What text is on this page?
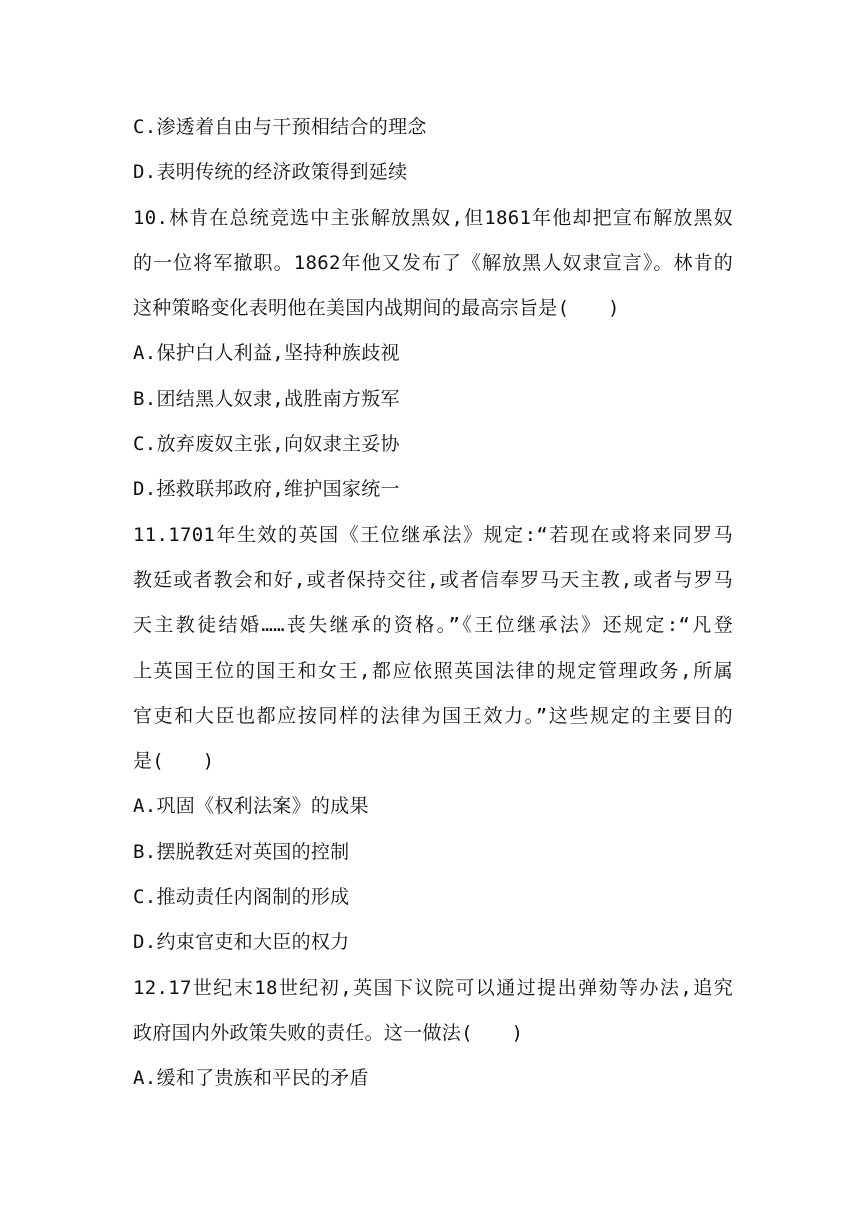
C.渗透着自由与干预相结合的理念
D.表明传统的经济政策得到延续
10.林肯在总统竞选中主张解放黑奴,但1861年他却把宣布解放黑奴
的一位将军撤职。1862年他又发布了《解放黑人奴隶宣言》。林肯的
这种策略变化表明他在美国内战期间的最高宗旨是(　　)
A.保护白人利益,坚持种族歧视
B.团结黑人奴隶,战胜南方叛军
C.放弃废奴主张,向奴隶主妥协
D.拯救联邦政府,维护国家统一
11.1701年生效的英国《王位继承法》规定:“若现在或将来同罗马
教廷或者教会和好,或者保持交往,或者信奉罗马天主教,或者与罗马
天主教徒结婚……丧失继承的资格。”《王位继承法》还规定:“凡登
上英国王位的国王和女王,都应依照英国法律的规定管理政务,所属
官吏和大臣也都应按同样的法律为国王效力。”这些规定的主要目的
是(　　)
A.巩固《权利法案》的成果
B.摆脱教廷对英国的控制
C.推动责任内阁制的形成
D.约束官吏和大臣的权力
12.17世纪末18世纪初,英国下议院可以通过提出弹劾等办法,追究
政府国内外政策失败的责任。这一做法(　　)
A.缓和了贵族和平民的矛盾
